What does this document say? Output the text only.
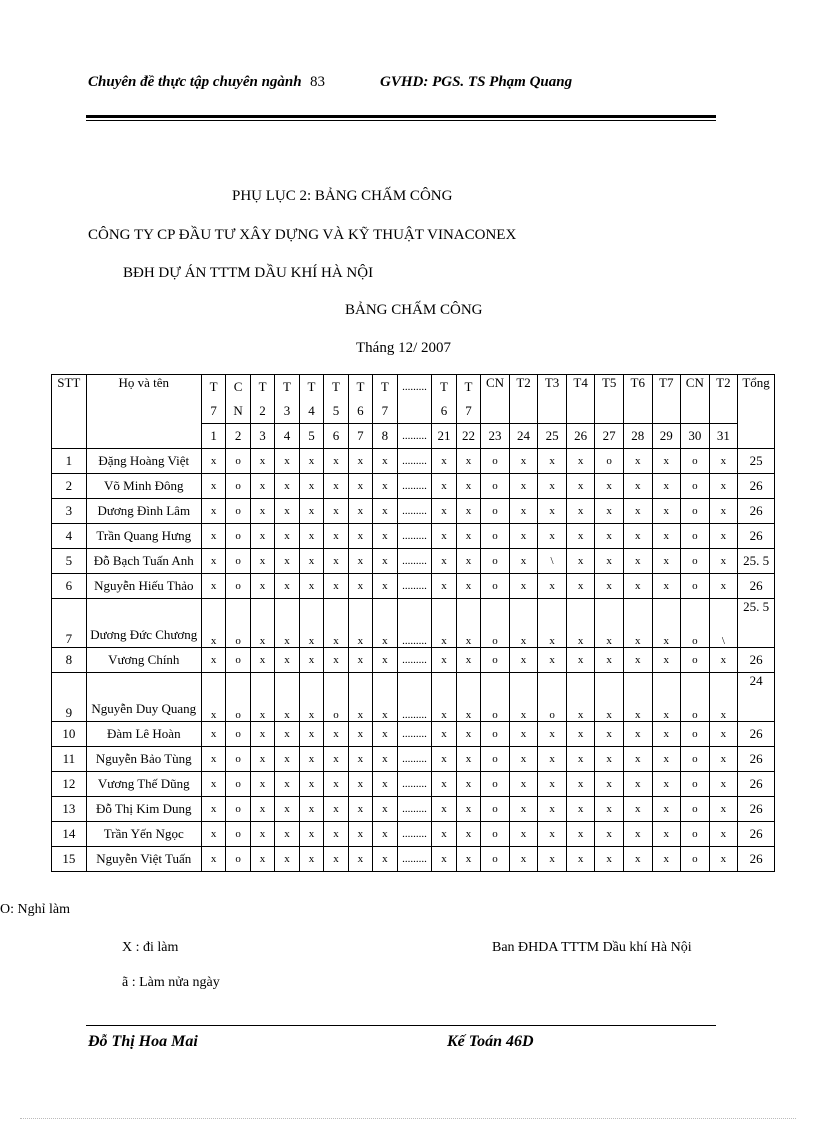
Chuyên đề thực tập chuyên ngành 83	GVHD: PGS. TS Phạm Quang
PHỤ LỤC 2: BẢNG CHẤM CÔNG
CÔNG TY CP ĐẦU TƯ XÂY DỰNG VÀ KỸ THUẬT VINACONEX
BĐH DỰ ÁN TTTM DẦU KHÍ HÀ NỘI
BẢNG CHẤM CÔNG
Tháng 12/ 2007
STT	Họ và tên	T	C	T	T	T	T	T	T	.........	T	T	CN	T2	T3	T4	T5	T6	T7	CN	T2	Tổng
		7	N	2	3	4	5	6	7		6	7										
		1	2	3	4	5	6	7	8	.........	21	22	23	24	25	26	27	28	29	30	31	
1	Đặng Hoàng Việt	x	o	x	x	x	x	x	x	.........	x	x	o	x	x	x	o	x	x	o	x	25
2	Võ Minh Đông	x	o	x	x	x	x	x	x	.........	x	x	o	x	x	x	x	x	x	o	x	26
3	Dương Đình Lâm	x	o	x	x	x	x	x	x	.........	x	x	o	x	x	x	x	x	x	o	x	26
4	Trần Quang Hưng	x	o	x	x	x	x	x	x	.........	x	x	o	x	x	x	x	x	x	o	x	26
5	Đỗ Bạch Tuấn Anh	x	o	x	x	x	x	x	x	.........	x	x	o	x	\	x	x	x	x	o	x	25. 5
6	Nguyễn Hiếu Thảo	x	o	x	x	x	x	x	x	.........	x	x	o	x	x	x	x	x	x	o	x	26
7	Dương Đức Chương	x	o	x	x	x	x	x	x	.........	x	x	o	x	x	x	x	x	x	o	\	25. 5
8	Vương Chính	x	o	x	x	x	x	x	x	.........	x	x	o	x	x	x	x	x	x	o	x	26
9	Nguyễn Duy Quang	x	o	x	x	x	o	x	x	.........	x	x	o	x	o	x	x	x	x	o	x	24
10	Đàm Lê Hoàn	x	o	x	x	x	x	x	x	.........	x	x	o	x	x	x	x	x	x	o	x	26
11	Nguyễn Bảo Tùng	x	o	x	x	x	x	x	x	.........	x	x	o	x	x	x	x	x	x	o	x	26
12	Vương Thế Dũng	x	o	x	x	x	x	x	x	.........	x	x	o	x	x	x	x	x	x	o	x	26
13	Đỗ Thị Kim Dung	x	o	x	x	x	x	x	x	.........	x	x	o	x	x	x	x	x	x	o	x	26
14	Trần Yến Ngọc	x	o	x	x	x	x	x	x	.........	x	x	o	x	x	x	x	x	x	o	x	26
15	Nguyễn Việt Tuấn	x	o	x	x	x	x	x	x	.........	x	x	o	x	x	x	x	x	x	o	x	26
O: Nghỉ làm
X : đi làm	Ban ĐHDA TTTM Dầu khí Hà Nội
ã : Làm nửa ngày
Đỗ Thị Hoa Mai	Kế Toán 46D
